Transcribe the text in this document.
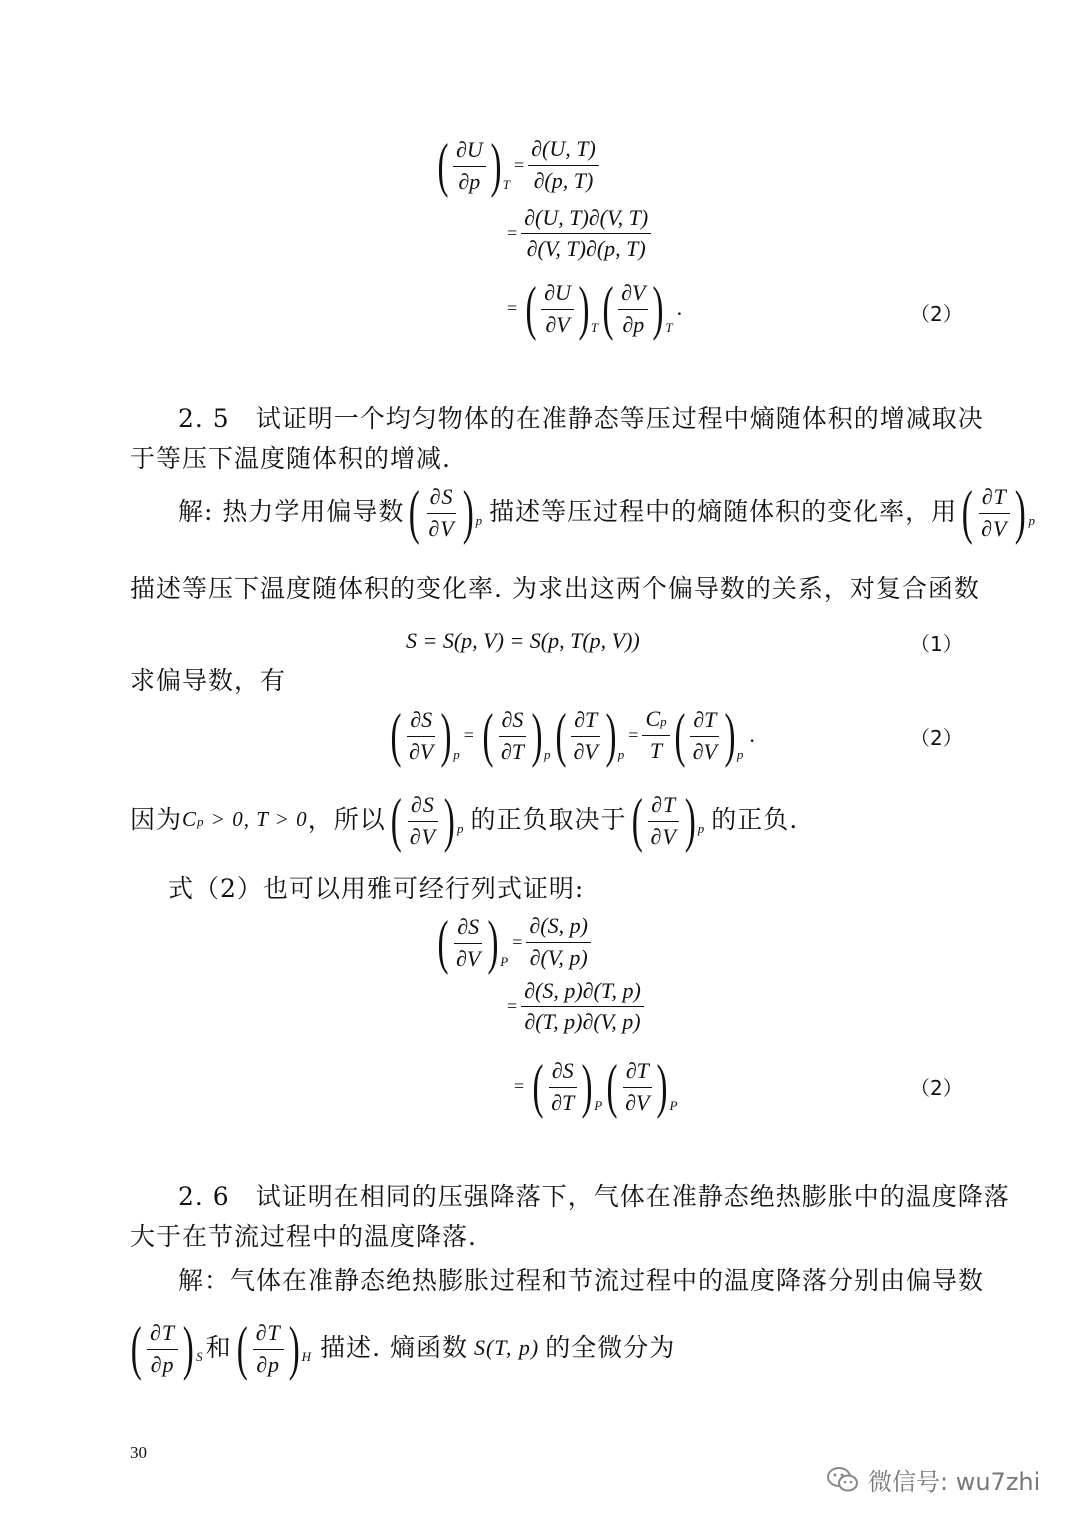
( $\frac{\partial U}{\partial p}$ ) T
= $\frac{\partial(U, T)}{\partial(p, T)}$
= $\frac{\partial(U, T)\partial(V, T)}{\partial(V, T)\partial(p, T)}$
= ( $\frac{\partial U}{\partial V}$ ) T ( $\frac{\partial V}{\partial p}$ ) T
.	（2）
2. 5　试证明一个均匀物体的在准静态等压过程中熵随体积的增减取决
于等压下温度随体积的增减.
解: 热力学用偏导数 ( $\frac{\partial S}{\partial V}$ ) p 描述等压过程中的熵随体积的变化率，用 ( $\frac{\partial T}{\partial V}$ ) p
描述等压下温度随体积的变化率. 为求出这两个偏导数的关系，对复合函数
S = S(p, V) = S(p, T(p, V))	（1）
求偏导数，有
( $\frac{\partial S}{\partial V}$ ) p
= ( $\frac{\partial S}{\partial T}$ ) p ( $\frac{\partial T}{\partial V}$ ) p
= $\frac{Cp}{T}$ ( $\frac{\partial T}{\partial V}$ ) p
.	（2）
因为 Cp > 0, T > 0 ，所以 ( $\frac{\partial S}{\partial V}$ ) p 的正负取决于 ( $\frac{\partial T}{\partial V}$ ) p 的正负.
式（2）也可以用雅可经行列式证明:
( $\frac{\partial S}{\partial V}$ ) P
= $\frac{\partial(S, p)}{\partial(V, p)}$
= $\frac{\partial(S, p)\partial(T, p)}{\partial(T, p)\partial(V, p)}$
= ( $\frac{\partial S}{\partial T}$ ) P ( $\frac{\partial T}{\partial V}$ ) P
（2）
2. 6　试证明在相同的压强降落下，气体在准静态绝热膨胀中的温度降落
大于在节流过程中的温度降落.
解：气体在准静态绝热膨胀过程和节流过程中的温度降落分别由偏导数
( $\frac{\partial T}{\partial p}$ ) S 和 ( $\frac{\partial T}{\partial p}$ ) H 描述. 熵函数 S(T, p) 的全微分为
30
微信号: wu7zhi
